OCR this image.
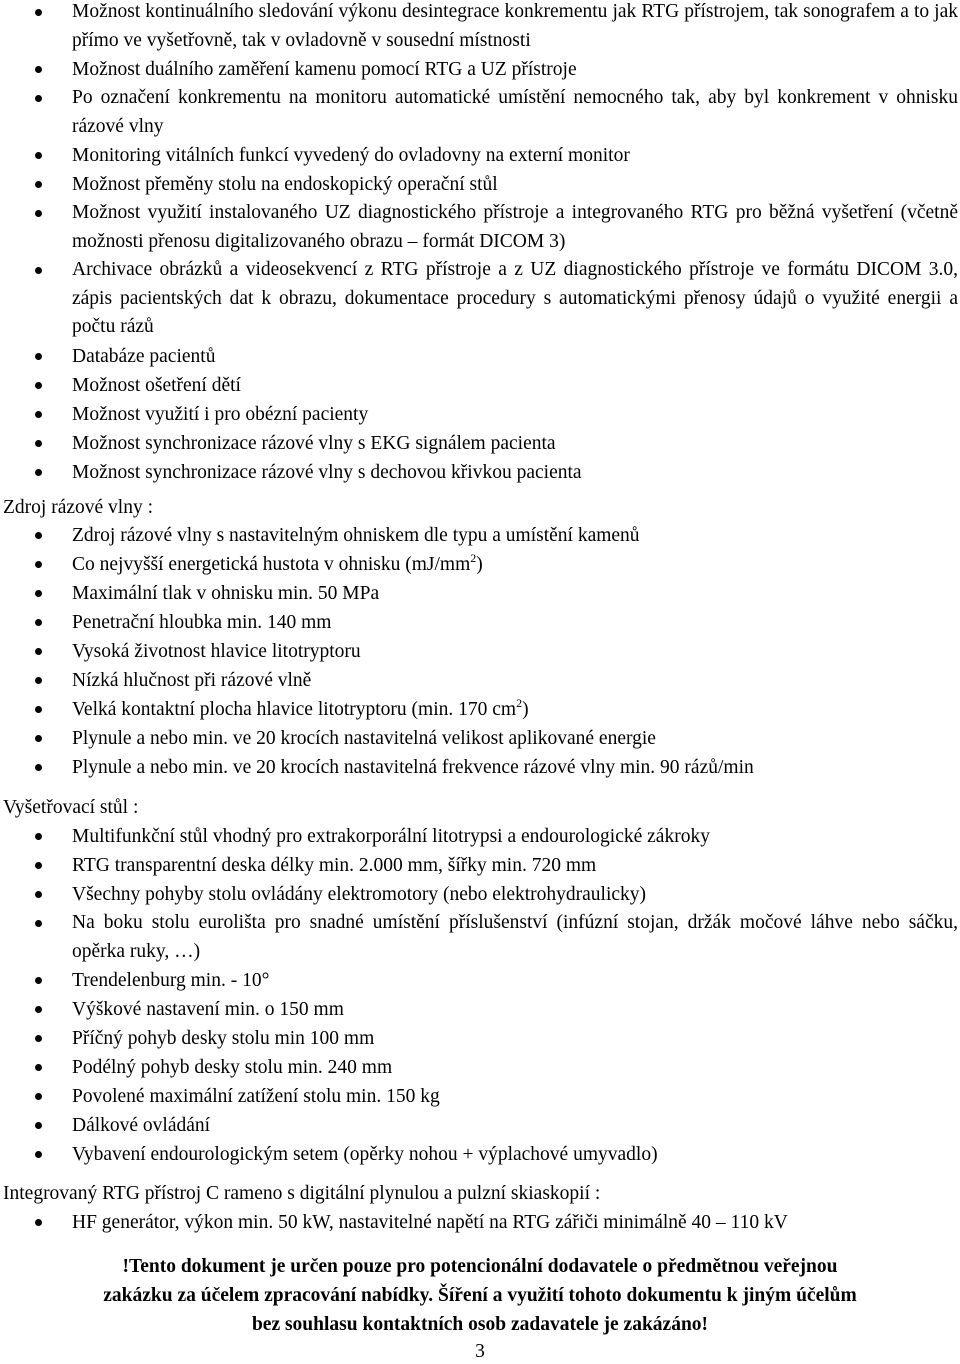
Možnost kontinuálního sledování výkonu desintegrace konkrementu jak RTG přístrojem, tak sonografem a to jak přímo ve vyšetřovně, tak v ovladovně v sousední místnosti
Možnost duálního zaměření kamenu pomocí RTG a UZ přístroje
Po označení konkrementu na monitoru automatické umístění nemocného tak, aby byl konkrement v ohnisku rázové vlny
Monitoring vitálních funkcí vyvedený do ovladovny na externí monitor
Možnost přeměny stolu na endoskopický operační stůl
Možnost využití instalovaného UZ diagnostického přístroje a integrovaného RTG pro běžná vyšetření (včetně možnosti přenosu digitalizovaného obrazu – formát DICOM 3)
Archivace obrázků a videosekvencí z RTG přístroje a z UZ diagnostického přístroje ve formátu DICOM 3.0, zápis pacientských dat k obrazu, dokumentace procedury s automatickými přenosy údajů o využité energii a počtu rázů
Databáze pacientů
Možnost ošetření dětí
Možnost využití i pro obézní pacienty
Možnost synchronizace rázové vlny s EKG signálem pacienta
Možnost synchronizace rázové vlny s dechovou křivkou pacienta
Zdroj rázové vlny :
Zdroj rázové vlny s nastavitelným ohniskem dle typu a umístění kamenů
Co nejvyšší energetická hustota v ohnisku $(mJ/mm^2)$
Maximální tlak v ohnisku min. 50 MPa
Penetrační hloubka min. 140 mm
Vysoká životnost hlavice litotryptoru
Nízká hlučnost při rázové vlně
Velká kontaktní plocha hlavice litotryptoru (min. 170 $cm^2$)
Plynule a nebo min. ve 20 krocích nastavitelná velikost aplikované energie
Plynule a nebo min. ve 20 krocích nastavitelná frekvence rázové vlny min. 90 rázů/min
Vyšetřovací stůl :
Multifunkční stůl vhodný pro extrakorporální litotrypsi a endourologické zákroky
RTG transparentní deska délky min. 2.000 mm, šířky min. 720 mm
Všechny pohyby stolu ovládány elektromotory (nebo elektrohydraulicky)
Na boku stolu eurolišta pro snadné umístění příslušenství (infúzní stojan, držák močové láhve nebo sáčku, opěrka ruky, …)
Trendelenburg min. - 10°
Výškové nastavení min. o 150 mm
Příčný pohyb desky stolu min 100 mm
Podélný pohyb desky stolu min. 240 mm
Povolené maximální zatížení stolu min. 150 kg
Dálkové ovládání
Vybavení endourologickým setem (opěrky nohou + výplachové umyvadlo)
Integrovaný RTG přístroj C rameno s digitální plynulou a pulzní skiaskopií :
HF generátor, výkon min. 50 kW, nastavitelné napětí na RTG zářiči minimálně 40 – 110 kV
!Tento dokument je určen pouze pro potencionální dodavatele o předmětnou veřejnou
zakázku za účelem zpracování nabídky. Šíření a využití tohoto dokumentu k jiným účelům
bez souhlasu kontaktních osob zadavatele je zakázáno!
3
